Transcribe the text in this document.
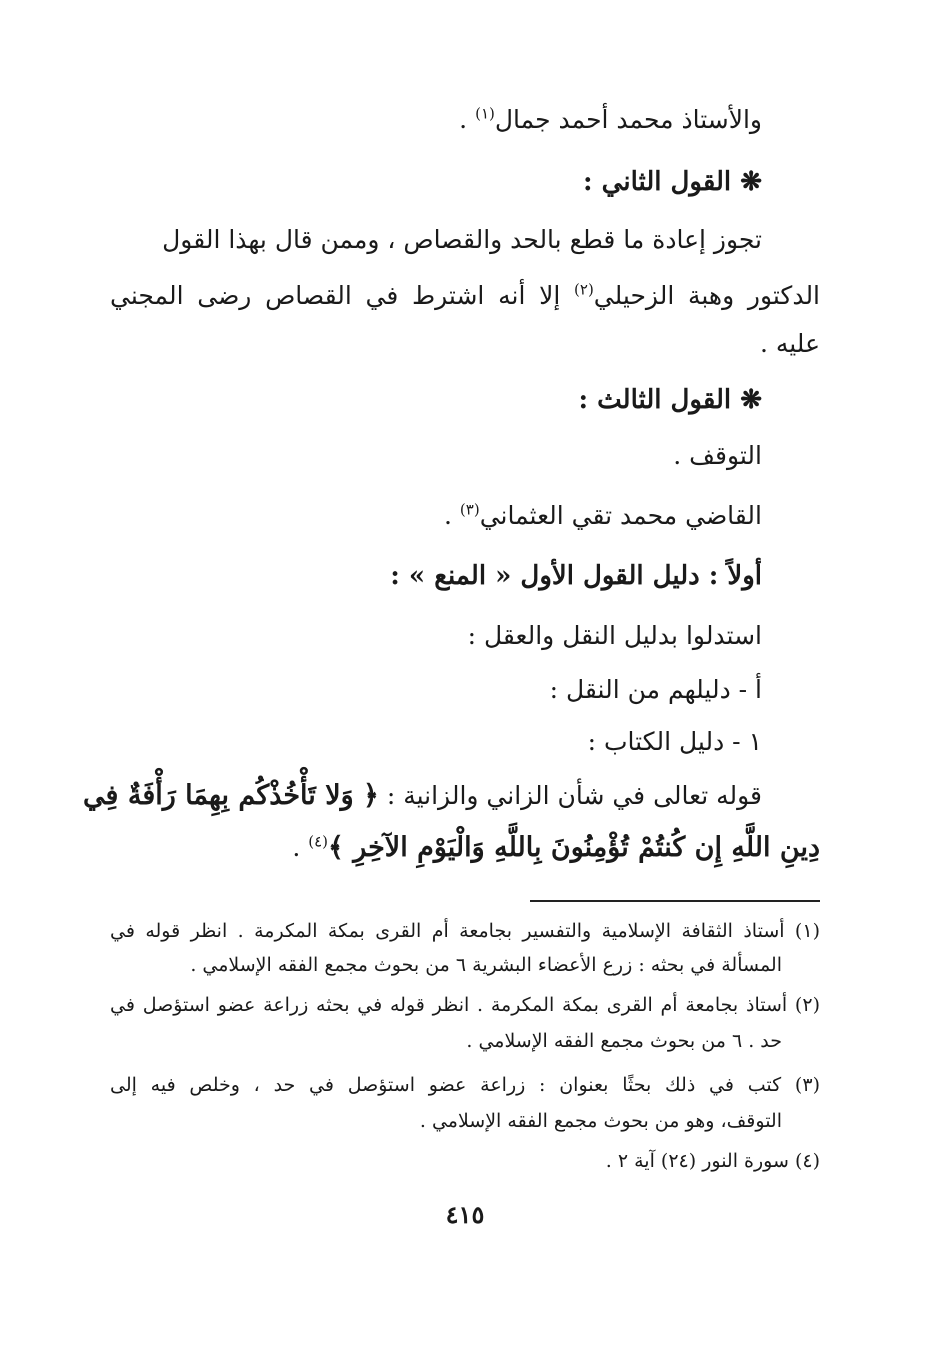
والأستاذ محمد أحمد جمال$^{(١)}$ .
❋ القول الثاني :
تجوز إعادة ما قطع بالحد والقصاص ، وممن قال بهذا القول
الدكتور وهبة الزحيلي$^{(٢)}$ إلا أنه اشترط في القصاص رضى المجني
عليه .
❋ القول الثالث :
التوقف .
القاضي محمد تقي العثماني$^{(٣)}$ .
أولاً : دليل القول الأول « المنع » :
استدلوا بدليل النقل والعقل :
أ - دليلهم من النقل :
١ - دليل الكتاب :
قوله تعالى في شأن الزاني والزانية : ﴿ وَلا تَأْخُذْكُم بِهِمَا رَأْفَةٌ فِي
دِينِ اللَّهِ إِن كُنتُمْ تُؤْمِنُونَ بِاللَّهِ وَالْيَوْمِ الآخِرِ ﴾$^{(٤)}$ .
(١) أستاذ الثقافة الإسلامية والتفسير بجامعة أم القرى بمكة المكرمة . انظر قوله في
المسألة في بحثه : زرع الأعضاء البشرية ٦ من بحوث مجمع الفقه الإسلامي .
(٢) أستاذ بجامعة أم القرى بمكة المكرمة . انظر قوله في بحثه زراعة عضو استؤصل في
حد . ٦ من بحوث مجمع الفقه الإسلامي .
(٣) كتب في ذلك بحثًا بعنوان : زراعة عضو استؤصل في حد ، وخلص فيه إلى
التوقف، وهو من بحوث مجمع الفقه الإسلامي .
(٤) سورة النور (٢٤) آية ٢ .
٤١٥
